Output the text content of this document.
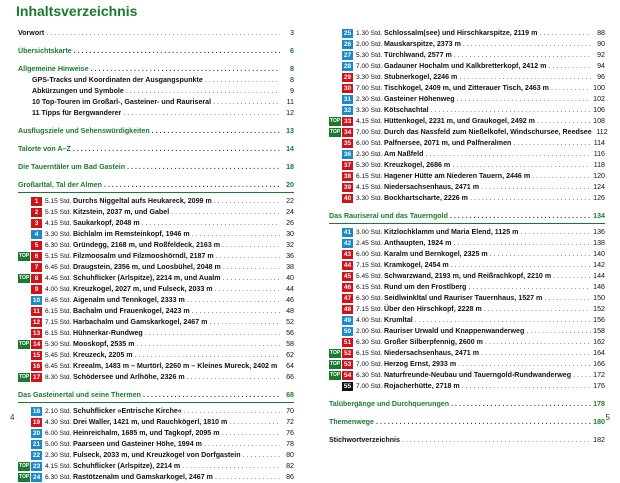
Inhaltsverzeichnis
Vorwort . . .	3
Übersichtskarte . . .	6
Allgemeine Hinweise . . .	8
GPS-Tracks und Koordinaten der Ausgangspunkte . . .	8
Abkürzungen und Symbole . . .	9
10 Top-Touren im Großarl-, Gasteiner- und Rauriseral . . .	11
11 Tipps für Bergwanderer . . .	12
Ausflugsziele und Sehenswürdigkeiten . . .	13
Talorte von A–Z . . .	14
Die Tauerntäler um Bad Gastein . . .	18
Großarltal, Tal der Almen . . .	20
1	5.15 Std. Durchs Niggeltal aufs Heukareck, 2099 m . . .	22
2	5.15 Std. Kitzstein, 2037 m, und Gabel . . .	24
3	4.15 Std. Saukarkopf, 2048 m . . .	26
4	3.30 Std. Bichlalm im Remsteinkopf, 1946 m . . .	30
5	6.30 Std. Gründegg, 2168 m, und Roßfeldeck, 2163 m . . .	32
TOP 6 5.15 Std. Filzmoosalm und Filzmooshörndl, 2187 m . . .	36
7	6.45 Std. Draugstein, 2356 m, und Loosbühel, 2048 m . . .	38
TOP 8 4.45 Std. Schuhflicker (Arlspitze), 2214 m, und Aualm . . .	40
9	4.00 Std. Kreuzkogel, 2027 m, und Fulseck, 2033 m . . .	44
10 6.45 Std. Aigenalm und Tennkogel, 2333 m . . .	46
11 6.15 Std. Bachalm und Frauenkogel, 2423 m . . .	48
12 7.15 Std. Harbachalm und Gamskarkogel, 2467 m . . .	52
13 6.15 Std. Hühnerkar-Rundweg . . .	56
TOP 14 5.30 Std. Mooskopf, 2535 m . . .	58
15 5.45 Std. Kreuzeck, 2205 m . . .	62
16 6.45 Std. Kreealm, 1483 m – Murtörl, 2260 m – Kleines Mureck, 2402 m . . .	64
TOP 17 8.30 Std. Schödersee und Arlhöhe, 2326 m . . .	66
Das Gasteinertal und seine Thermen . . .	68
18 2.10 Std. Schuhflicker »Entrische Kirche« . . .	70
19 4.30 Std. Drei Waller, 1421 m, und Rauchkögerl, 1810 m . . .	72
20 6.00 Std. Heinreichalm, 1685 m, und Tagkopf, 2095 m . . .	76
21 5.00 Std. Paarseen und Gasteiner Höhe, 1994 m . . .	78
22 2.30 Std. Fulseck, 2033 m, und Kreuzkogel von Dorfgastein . . .	80
TOP 23 4.15 Std. Schuhflicker (Arlspitze), 2214 m . . .	82
TOP 24 6.30 Std. Rastötzenalm und Gamskarkogel, 2467 m . . .	86
25 1.30 Std. Schlossalm(see) und Hirschkarspitze, 2119 m . . .	88
26 2.00 Std. Mauskarspitze, 2373 m . . .	90
27 5.30 Std. Türchlwand, 2577 m . . .	92
28 7.00 Std. Gadauner Hochalm und Kalkbretterkopf, 2412 m . . .	94
29 3.30 Std. Stubnerkogel, 2246 m . . .	96
30 7.00 Std. Tischkogel, 2409 m, und Zitterauer Tisch, 2463 m . . .	100
31 2.30 Std. Gasteiner Höhenweg . . .	102
32 3.30 Std. Kötschachtal . . .	106
TOP 33 4.15 Std. Hüttenkogel, 2231 m, und Graukogel, 2492 m . . .	108
TOP 34 7.00 Std. Durch das Nassfeld zum Nießelkofel, Windschursee, Reedsee 112
35 6.00 Std. Palfnersee, 2071 m, und Palfneralmen . . .	114
36 2.30 Std. Am Naßfeld . . .	116
37 5.30 Std. Kreuzkogel, 2686 m . . .	118
38 6.15 Std. Hagener Hütte am Niederen Tauern, 2446 m . . .	120
39 4.15 Std. Niedersachsenhaus, 2471 m . . .	124
40 3.30 Std. Bockhartscharte, 2226 m . . .	126
Das Rauriseral und das Tauerngold . . .	134
41 3.00 Std. Kitzlochklamm und Maria Elend, 1125 m . . .	136
42 2.45 Std. Anthaupten, 1924 m . . .	138
43 6.00 Std. Karalm und Bernkogel, 2325 m . . .	140
44 7.15 Std. Kramkogel, 2454 m . . .	142
45 5.45 Std. Schwarzwand, 2193 m, und Reißrachkopf, 2210 m . . .	144
46 6.15 Std. Rund um den Frostlberg . . .	146
47 6.30 Std. Seidlwinkltal und Rauriser Tauernhaus, 1527 m . . .	150
48 7.15 Std. Über den Hirschkopf, 2228 m . . .	152
49 4.00 Std. Krumltal . . .	156
50 2.00 Std. Rauriser Urwald und Knappenwanderweg . . .	158
51 6.30 Std. Großer Silberpfennig, 2600 m . . .	162
TOP 52 6.15 Std. Niedersachsenhaus, 2471 m . . .	164
TOP 53 7.00 Std. Herzog Ernst, 2933 m . . .	166
TOP 54 6.30 Std. Naturfreunde-Neubau und Tauerngold-Rundwanderweg . . .	172
55 7.00 Std. Rojacherhütte, 2718 m . . .	176
Talübergänge und Durchquerungen . . .	178
Themenwege . . .	180
Stichwortverzeichnis . . .	182
4	5
